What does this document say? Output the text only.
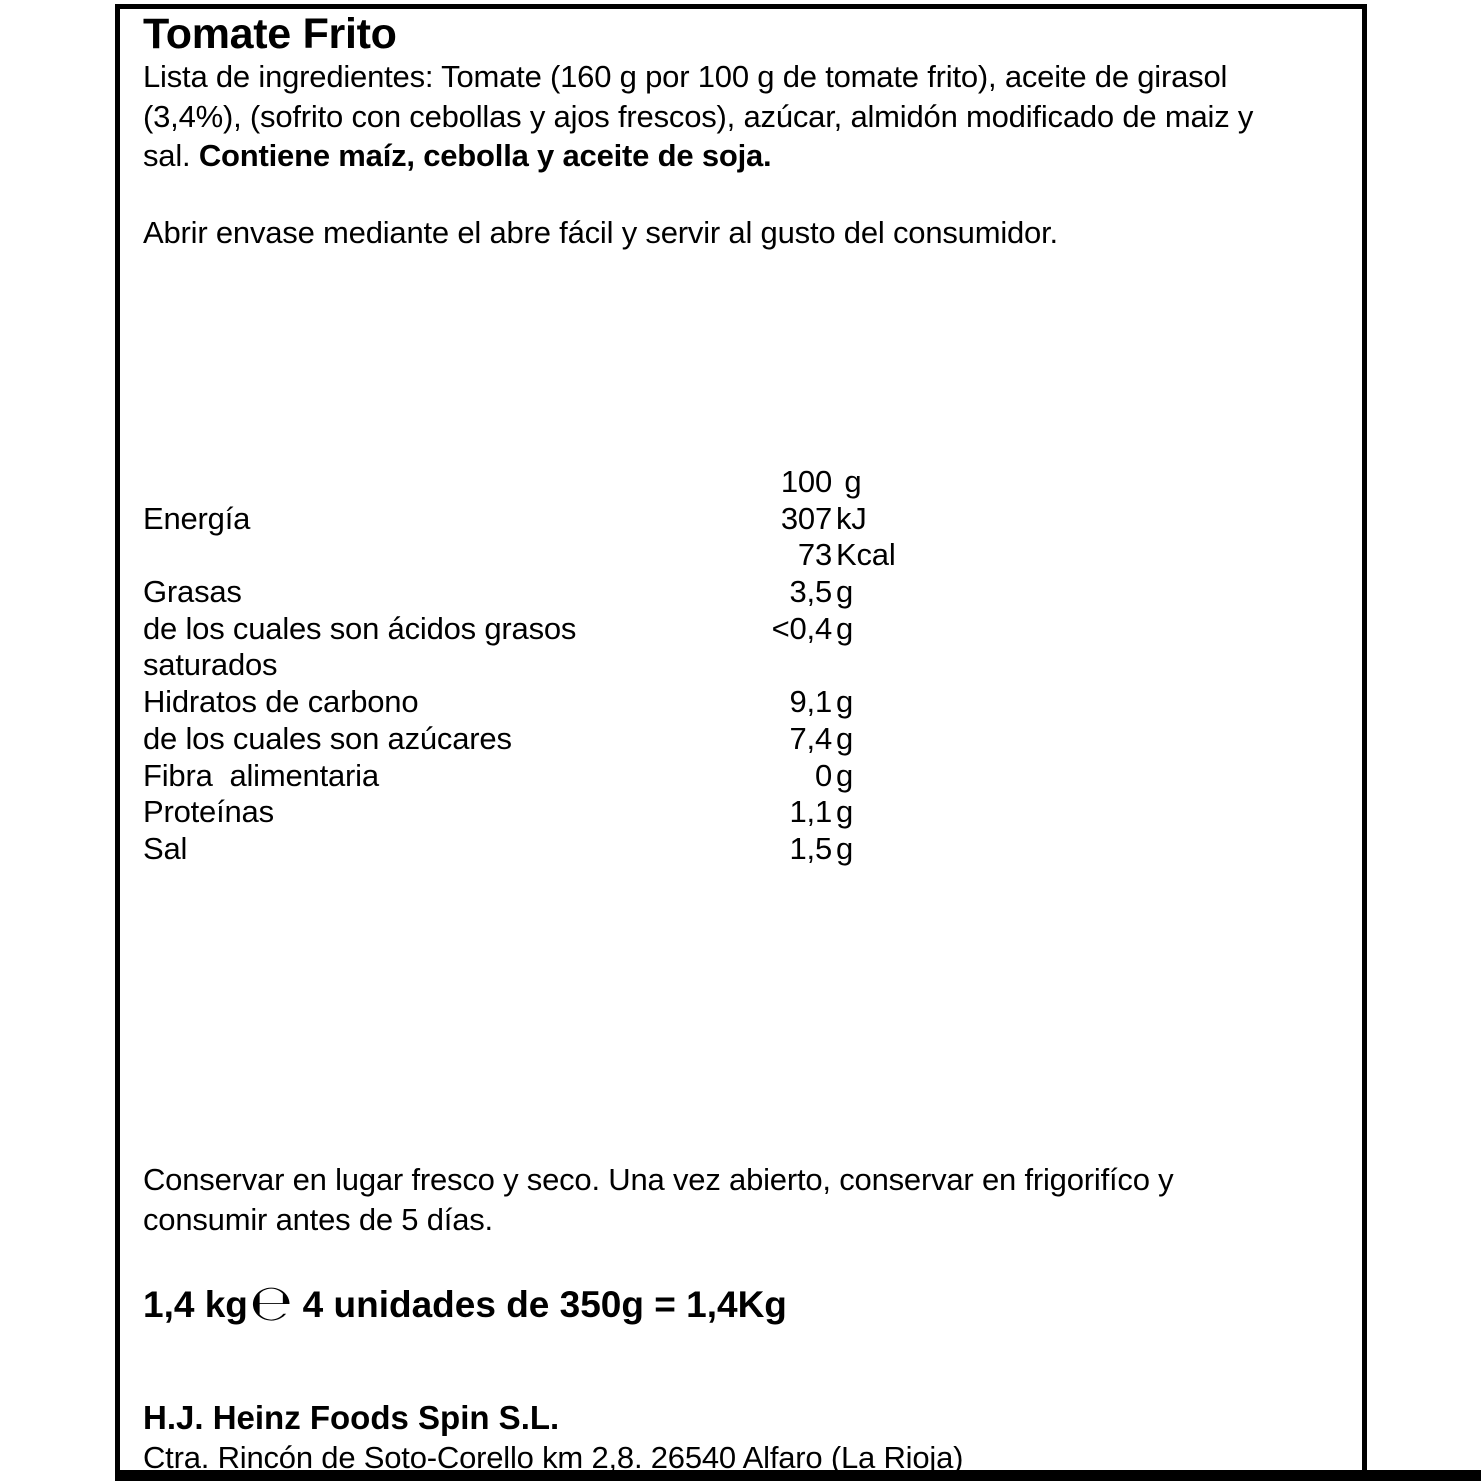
Tomate Frito
Lista de ingredientes: Tomate (160 g por 100 g de tomate frito), aceite de girasol
(3,4%), (sofrito con cebollas y ajos frescos), azúcar, almidón modificado de maiz y
sal. Contiene maíz, cebolla y aceite de soja.
Abrir envase mediante el abre fácil y servir al gusto del consumidor.
100 g
Energía	307 kJ
73 Kcal
Grasas	3,5 g
de los cuales son ácidos grasos	<0,4 g
saturados
Hidratos de carbono	9,1 g
de los cuales son azúcares	7,4 g
Fibra  alimentaria	0 g
Proteínas	1,1 g
Sal	1,5 g
Conservar en lugar fresco y seco. Una vez abierto, conservar en frigorifíco y
consumir antes de 5 días.
1,4 kg℮ 4 unidades de 350g = 1,4Kg
H.J. Heinz Foods Spin S.L.
Ctra. Rincón de Soto-Corello km 2,8. 26540 Alfaro (La Rioja)
